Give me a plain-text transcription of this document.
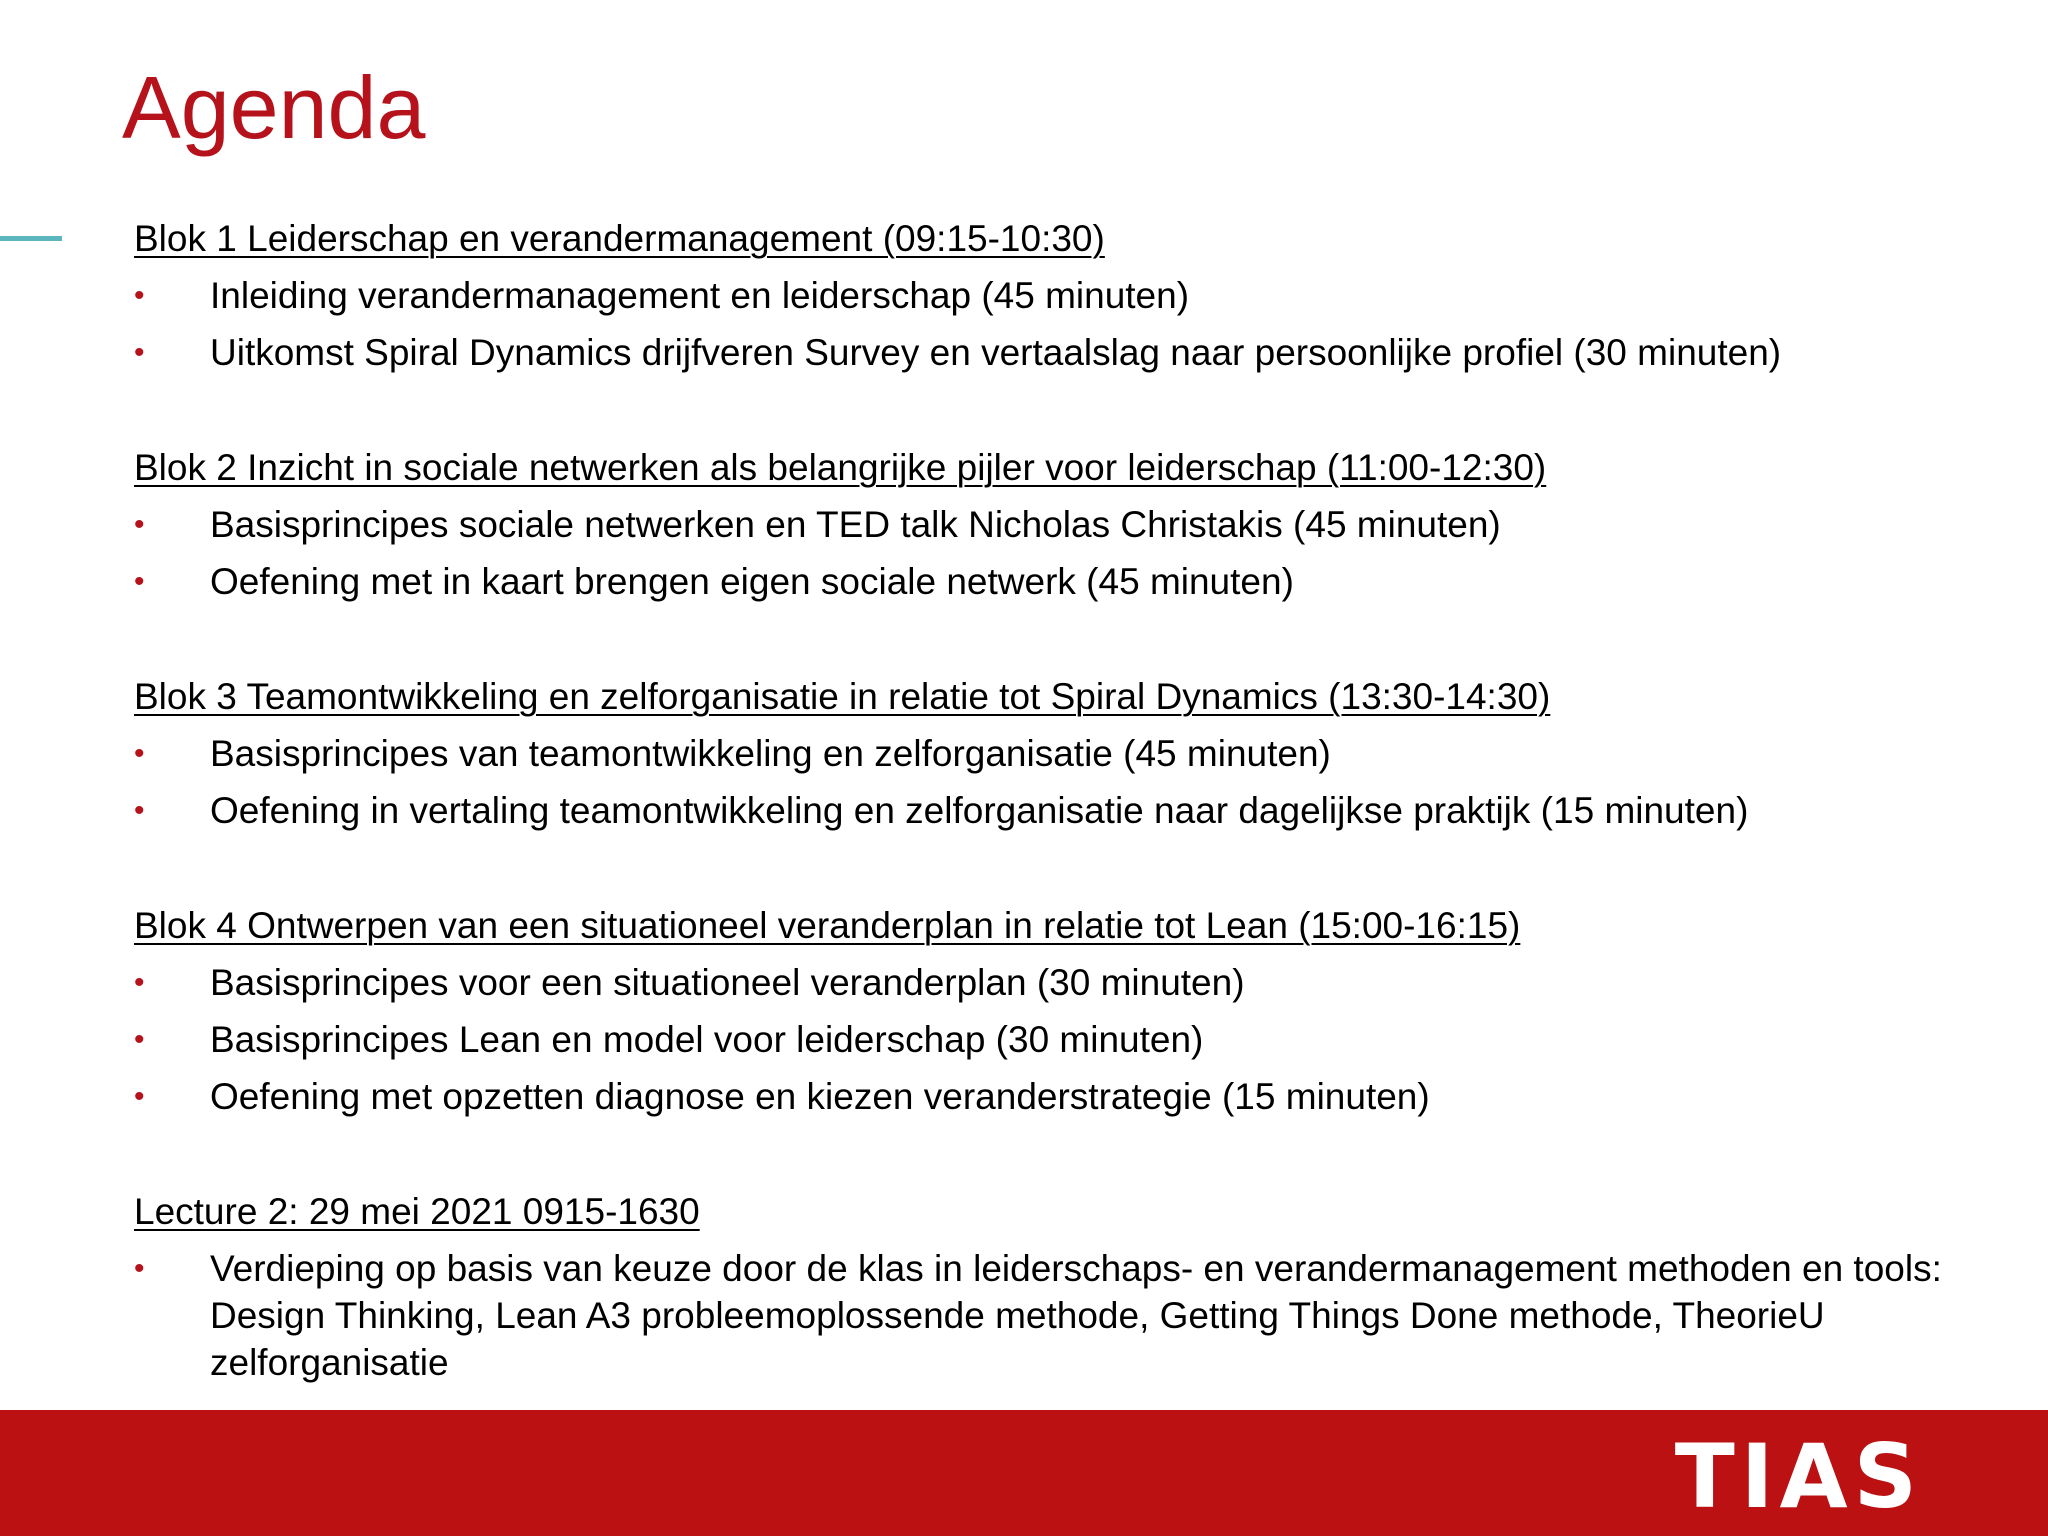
Agenda
Blok 1 Leiderschap en verandermanagement (09:15-10:30)
• Inleiding verandermanagement en leiderschap (45 minuten)
• Uitkomst Spiral Dynamics drijfveren Survey en vertaalslag naar persoonlijke profiel (30 minuten)
Blok 2 Inzicht in sociale netwerken als belangrijke pijler voor leiderschap (11:00-12:30)
• Basisprincipes sociale netwerken en TED talk Nicholas Christakis (45 minuten)
• Oefening met in kaart brengen eigen sociale netwerk (45 minuten)
Blok 3 Teamontwikkeling en zelforganisatie in relatie tot Spiral Dynamics (13:30-14:30)
• Basisprincipes van teamontwikkeling en zelforganisatie (45 minuten)
• Oefening in vertaling teamontwikkeling en zelforganisatie naar dagelijkse praktijk (15 minuten)
Blok 4 Ontwerpen van een situationeel veranderplan in relatie tot Lean (15:00-16:15)
• Basisprincipes voor een situationeel veranderplan (30 minuten)
• Basisprincipes Lean en model voor leiderschap (30 minuten)
• Oefening met opzetten diagnose en kiezen veranderstrategie (15 minuten)
Lecture 2: 29 mei 2021 0915-1630
• Verdieping op basis van keuze door de klas in leiderschaps- en verandermanagement methoden en tools: Design Thinking, Lean A3 probleemoplossende methode, Getting Things Done methode, TheorieU zelforganisatie
TIAS
